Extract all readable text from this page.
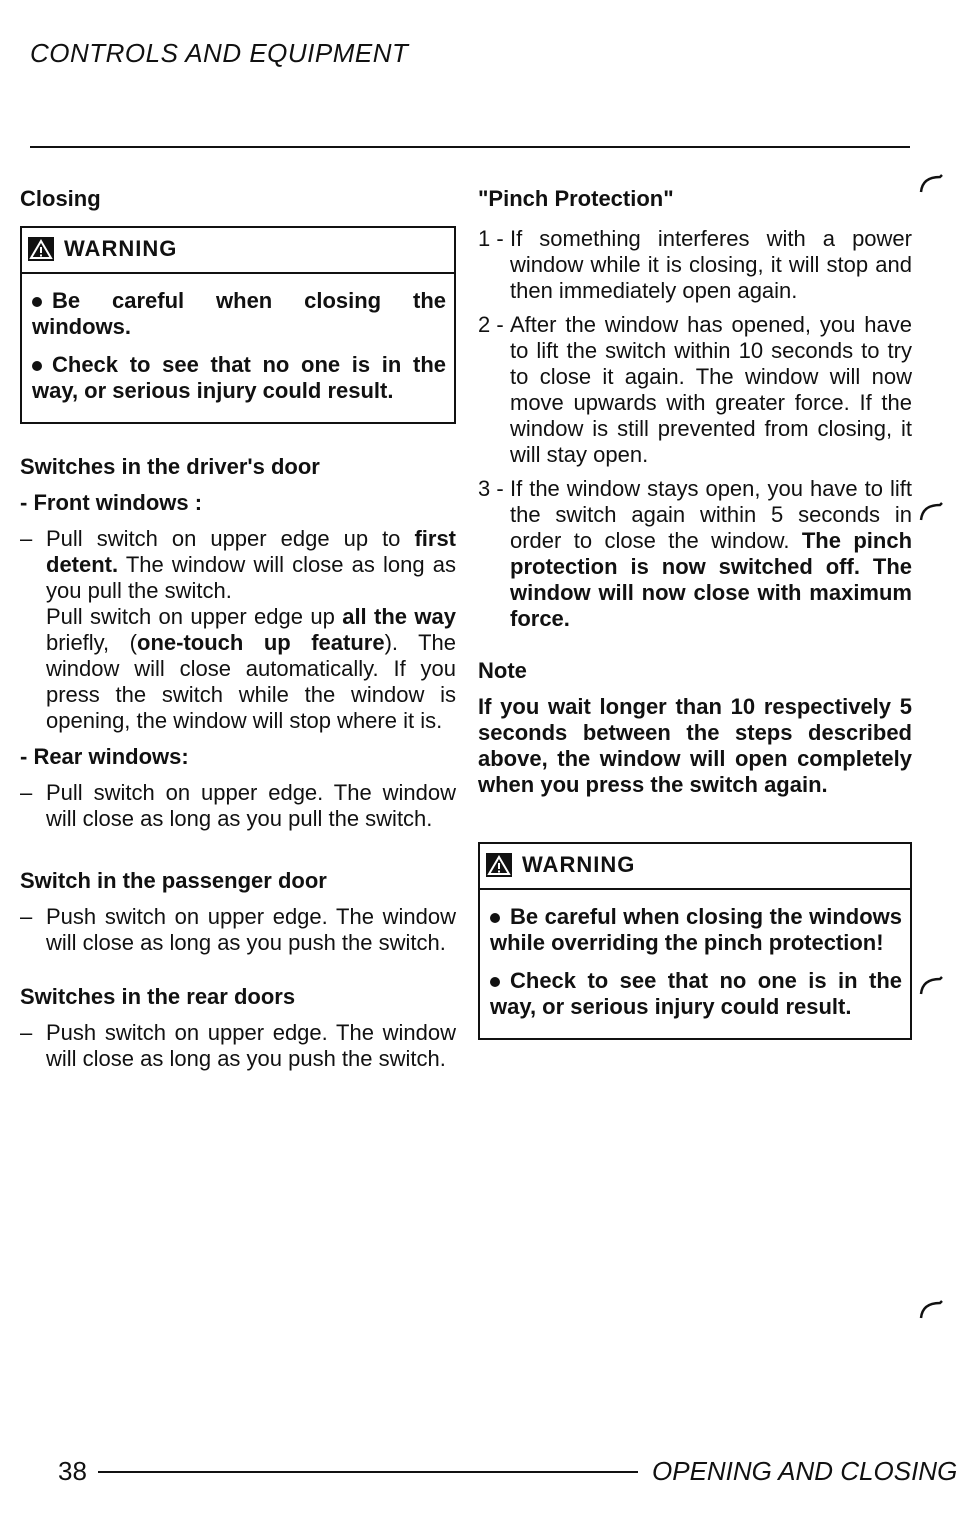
CONTROLS AND EQUIPMENT
Closing
WARNING
Be careful when closing the windows.
Check to see that no one is in the way, or serious injury could result.
Switches in the driver's door
- Front windows :
– Pull switch on upper edge up to first detent. The window will close as long as you pull the switch.

Pull switch on upper edge up all the way briefly, (one-touch up feature). The window will close automatically. If you press the switch while the window is opening, the window will stop where it is.

- Rear windows:
– Pull switch on upper edge. The window will close as long as you pull the switch.
Switch in the passenger door
– Push switch on upper edge. The window will close as long as you push the switch.
Switches in the rear doors
– Push switch on upper edge. The window will close as long as you push the switch.
"Pinch Protection"
1 - If something interferes with a power window while it is closing, it will stop and then immediately open again.
2 - After the window has opened, you have to lift the switch within 10 seconds to try to close it again. The window will now move upwards with greater force. If the window is still prevented from closing, it will stay open.
3 - If the window stays open, you have to lift the switch again within 5 seconds in order to close the window. The pinch protection is now switched off. The window will now close with maximum force.
Note
If you wait longer than 10 respectively 5 seconds between the steps described above, the window will open completely when you press the switch again.
WARNING
Be careful when closing the windows while overriding the pinch protection!
Check to see that no one is in the way, or serious injury could result.
38	OPENING AND CLOSING
